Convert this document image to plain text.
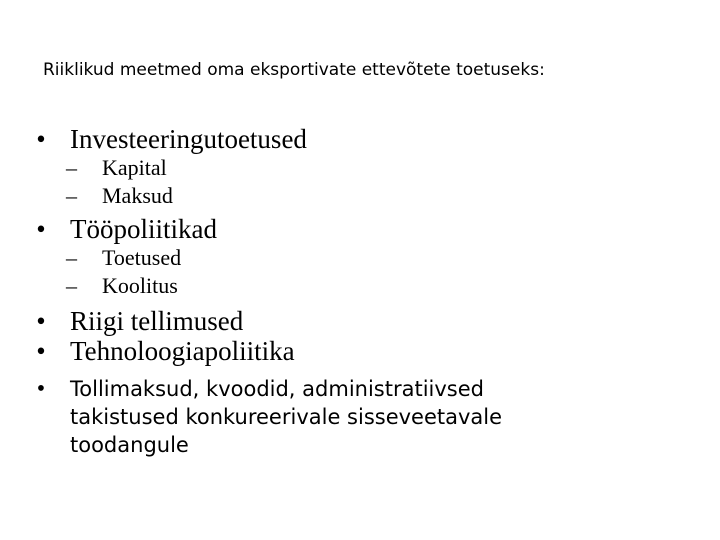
Riiklikud meetmed oma eksportivate ettevõtete toetuseks:
• Investeeringutoetused
– Kapital
– Maksud
• Tööpoliitikad
– Toetused
– Koolitus
• Riigi tellimused
• Tehnoloogiapoliitika
•	Tollimaksud, kvoodid, administratiivsed takistused konkureerivale sisseveetavale toodangule
